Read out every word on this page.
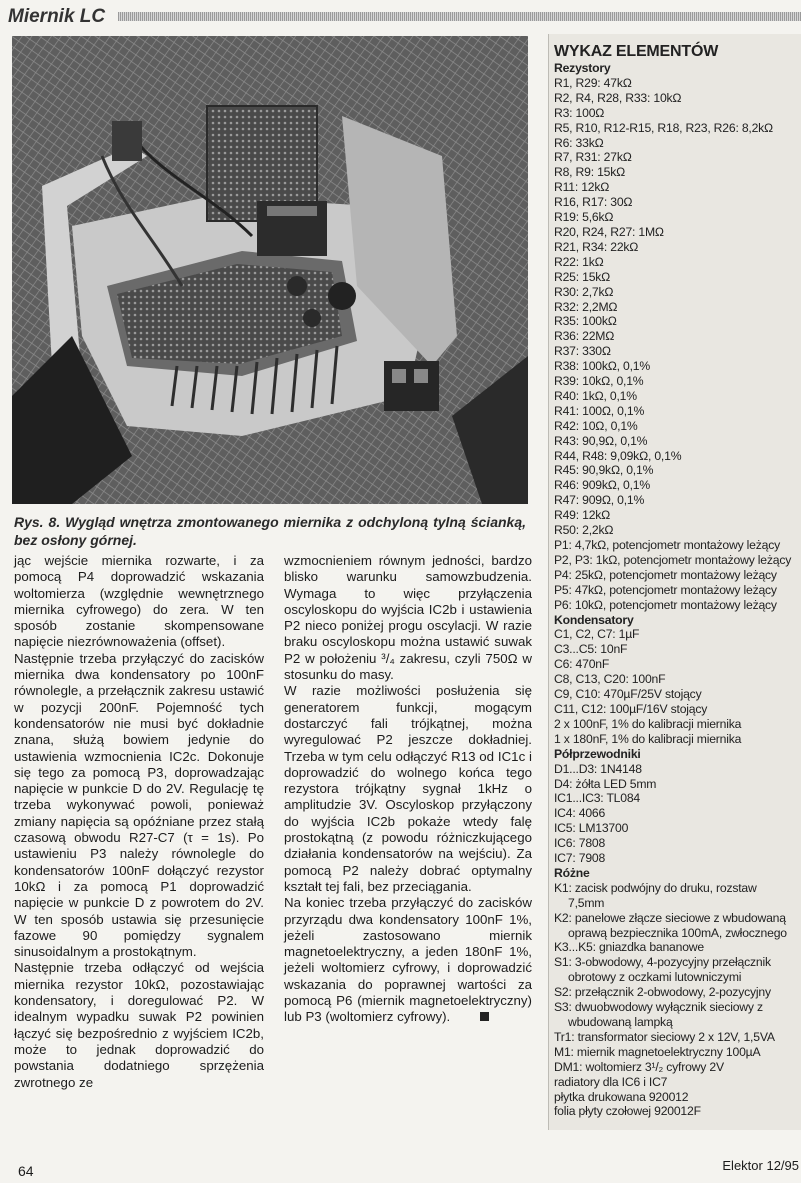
Miernik LC
Rys. 8. Wygląd wnętrza zmontowanego miernika z odchyloną tylną ścianką, bez osłony górnej.

jąc wejście miernika rozwarte, i za pomocą P4 doprowadzić wskazania woltomierza (względnie wewnętrznego miernika cyfrowego) do zera. W ten sposób zostanie skompensowane napięcie niezrównoważenia (offset).

Następnie trzeba przyłączyć do zacisków miernika dwa kondensatory po 100nF równolegle, a przełącznik zakresu ustawić w pozycji 200nF. Pojemność tych kondensatorów nie musi być dokładnie znana, służą bowiem jedynie do ustawienia wzmocnienia IC2c. Dokonuje się tego za pomocą P3, doprowadzając napięcie w punkcie D do 2V. Regulację tę trzeba wykonywać powoli, ponieważ zmiany napięcia są opóźniane przez stałą czasową obwodu R27-C7 (τ = 1s). Po ustawieniu P3 należy równolegle do kondensatorów 100nF dołączyć rezystor 10kΩ i za pomocą P1 doprowadzić napięcie w punkcie D z powrotem do 2V. W ten sposób ustawia się przesunięcie fazowe 90 pomiędzy sygnalem sinusoidalnym a prostokątnym.

Następnie trzeba odłączyć od wejścia miernika rezystor 10kΩ, pozostawiając kondensatory, i doregulować P2. W idealnym wypadku suwak P2 powinien łączyć się bezpośrednio z wyjściem IC2b, może to jednak doprowadzić do powstania dodatniego sprzężenia zwrotnego ze

wzmocnieniem równym jedności, bardzo blisko warunku samowzbudzenia. Wymaga to więc przyłączenia oscyloskopu do wyjścia IC2b i ustawienia P2 nieco poniżej progu oscylacji. W razie braku oscyloskopu można ustawić suwak P2 w położeniu ³/₄ zakresu, czyli 750Ω w stosunku do masy.

W razie możliwości posłużenia się generatorem funkcji, mogącym dostarczyć fali trójkątnej, można wyregulować P2 jeszcze dokładniej. Trzeba w tym celu odłączyć R13 od IC1c i doprowadzić do wolnego końca tego rezystora trójkątny sygnał 1kHz o amplitudzie 3V. Oscyloskop przyłączony do wyjścia IC2b pokaże wtedy falę prostokątną (z powodu różniczkującego działania kondensatorów na wejściu). Za pomocą P2 należy dobrać optymalny kształt tej fali, bez przeciągania.

Na koniec trzeba przyłączyć do zacisków przyrządu dwa kondensatory 100nF 1%, jeżeli zastosowano miernik magnetoelektryczny, a jeden 180nF 1%, jeżeli woltomierz cyfrowy, i doprowadzić wskazania do poprawnej wartości za pomocą P6 (miernik magnetoelektryczny) lub P3 (woltomierz cyfrowy).

WYKAZ ELEMENTÓW
Rezystory
R1, R29: 47kΩ
R2, R4, R28, R33: 10kΩ
R3: 100Ω
R5, R10, R12-R15, R18, R23, R26: 8,2kΩ
R6: 33kΩ
R7, R31: 27kΩ
R8, R9: 15kΩ
R11: 12kΩ
R16, R17: 30Ω
R19: 5,6kΩ
R20, R24, R27: 1MΩ
R21, R34: 22kΩ
R22: 1kΩ
R25: 15kΩ
R30: 2,7kΩ
R32: 2,2MΩ
R35: 100kΩ
R36: 22MΩ
R37: 330Ω
R38: 100kΩ, 0,1%
R39: 10kΩ, 0,1%
R40: 1kΩ, 0,1%
R41: 100Ω, 0,1%
R42: 10Ω, 0,1%
R43: 90,9Ω, 0,1%
R44, R48: 9,09kΩ, 0,1%
R45: 90,9kΩ, 0,1%
R46: 909kΩ, 0,1%
R47: 909Ω, 0,1%
R49: 12kΩ
R50: 2,2kΩ
P1: 4,7kΩ, potencjometr montażowy leżący
P2, P3: 1kΩ, potencjometr montażowy leżący
P4: 25kΩ, potencjometr montażowy leżący
P5: 47kΩ, potencjometr montażowy leżący
P6: 10kΩ, potencjometr montażowy leżący
Kondensatory
C1, C2, C7: 1µF
C3...C5: 10nF
C6: 470nF
C8, C13, C20: 100nF
C9, C10: 470µF/25V stojący
C11, C12: 100µF/16V stojący
2 x 100nF, 1% do kalibracji miernika
1 x 180nF, 1% do kalibracji miernika
Półprzewodniki
D1...D3: 1N4148
D4: żółta LED 5mm
IC1...IC3: TL084
IC4: 4066
IC5: LM13700
IC6: 7808
IC7: 7908
Różne
K1: zacisk podwójny do druku, rozstaw 7,5mm
K2: panelowe złącze sieciowe z wbudowaną oprawą bezpiecznika 100mA, zwłocznego
K3...K5: gniazdka bananowe
S1: 3-obwodowy, 4-pozycyjny przełącznik obrotowy z oczkami lutowniczymi
S2: przełącznik 2-obwodowy, 2-pozycyjny
S3: dwuobwodowy wyłącznik sieciowy z wbudowaną lampką
Tr1: transformator sieciowy 2 x 12V, 1,5VA
M1: miernik magnetoelektryczny 100µA
DM1: woltomierz 3¹/₂ cyfrowy 2V
radiatory dla IC6 i IC7
płytka drukowana 920012
folia płyty czołowej 920012F
64	Elektor 12/95
